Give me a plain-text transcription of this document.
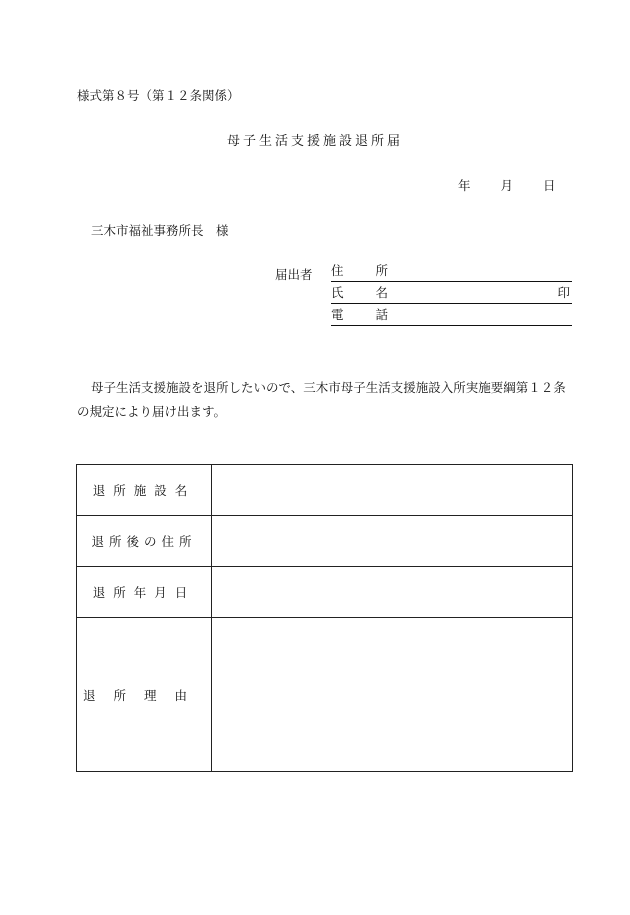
様式第８号（第１２条関係）
母子生活支援施設退所届
年 月 日
三木市福祉事務所長　様
届出者 住 所
氏 名	印
電 話
母子生活支援施設を退所したいので、三木市母子生活支援施設入所実施要綱第１２条の規定により届け出ます。
退所施設名	
退所後の住所	
退所年月日	
退所理由	
